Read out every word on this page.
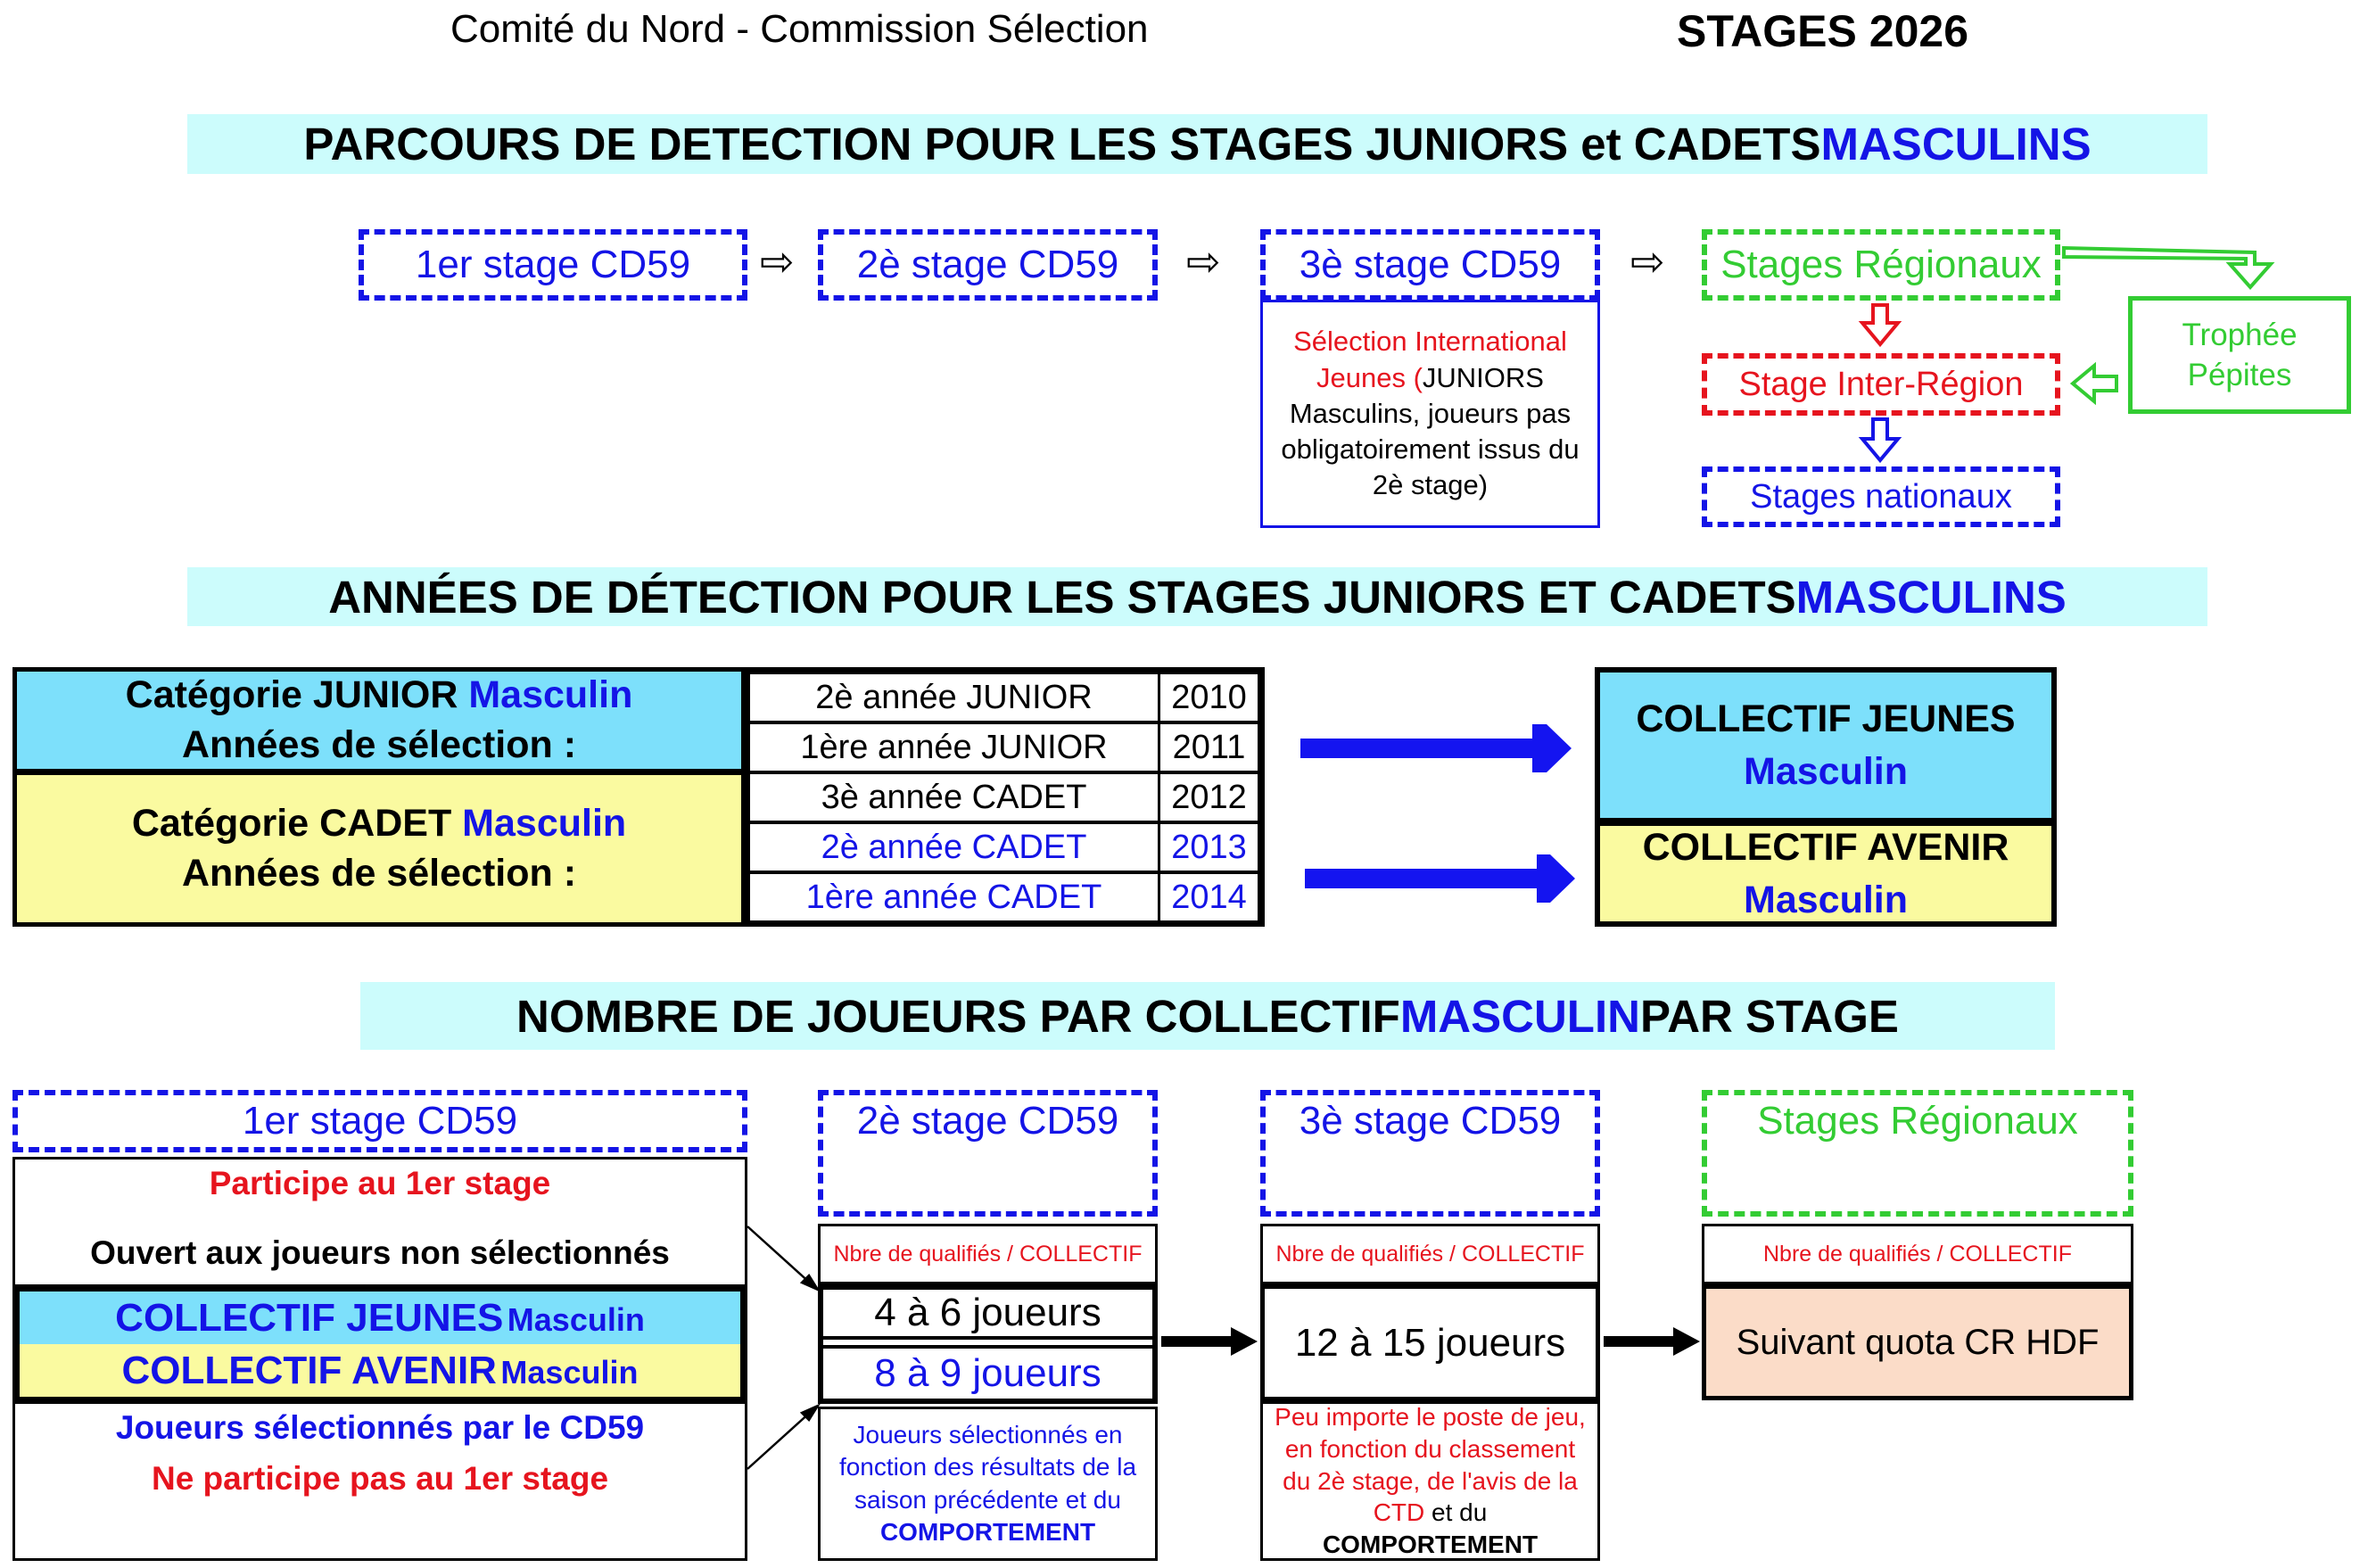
Comité du Nord - Commission Sélection	STAGES 2026
PARCOURS DE DETECTION POUR LES STAGES JUNIORS et CADETS MASCULINS
1er stage CD59	⇨	2è stage CD59	⇨	3è stage CD59	⇨	Stages Régionaux
Sélection International Jeunes (JUNIORS Masculins, joueurs pas obligatoirement issus du 2è stage)
Stage Inter-Région
Stages nationaux
Trophée Pépites
ANNÉES DE DÉTECTION POUR LES STAGES JUNIORS ET CADETS MASCULINS
Catégorie JUNIOR Masculin
Années de sélection :
Catégorie CADET Masculin
Années de sélection :
2è année JUNIOR	2010
1ère année JUNIOR	2011
3è année CADET	2012
2è année CADET	2013
1ère année CADET	2014
COLLECTIF JEUNES
Masculin
COLLECTIF AVENIR
Masculin
NOMBRE DE JOUEURS PAR COLLECTIF MASCULIN PAR STAGE
1er stage CD59	2è stage CD59	3è stage CD59	Stages Régionaux
Participe au 1er stage
Ouvert aux joueurs non sélectionnés
COLLECTIF JEUNES Masculin
COLLECTIF AVENIR Masculin
Joueurs sélectionnés par le CD59
Ne participe pas au 1er stage
Nbre de qualifiés / COLLECTIF
4 à 6 joueurs
8 à 9 joueurs
Joueurs sélectionnés en fonction des résultats de la saison précédente et du
COMPORTEMENT
Nbre de qualifiés / COLLECTIF
12 à 15 joueurs
Peu importe le poste de jeu, en fonction du classement du 2è stage, de l'avis de la CTD et du
COMPORTEMENT
Nbre de qualifiés / COLLECTIF
Suivant quota CR HDF
